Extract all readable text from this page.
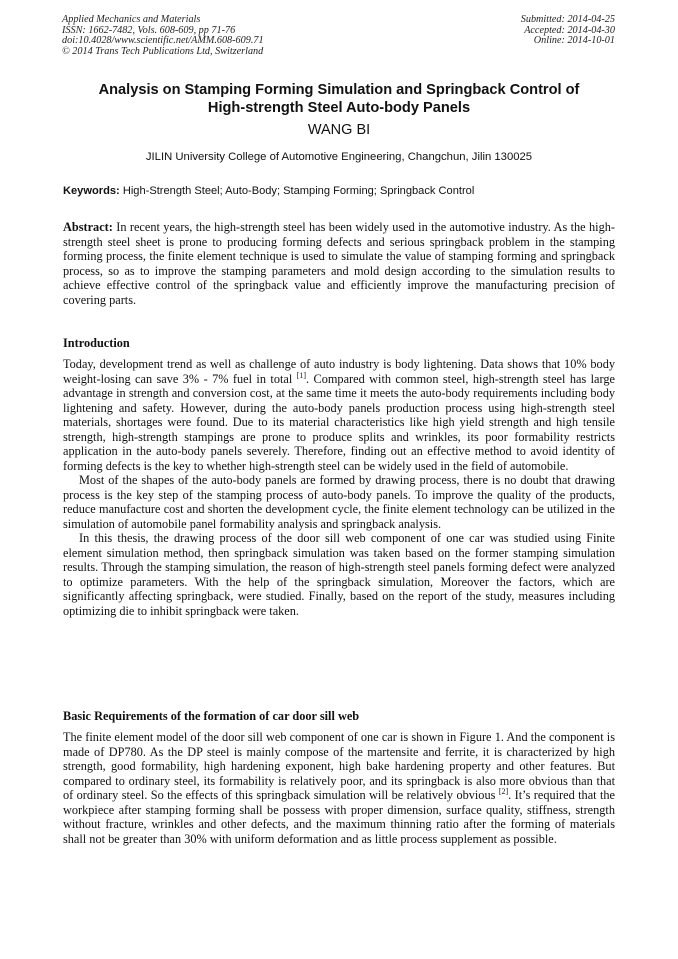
Applied Mechanics and Materials
ISSN: 1662-7482, Vols. 608-609, pp 71-76
doi:10.4028/www.scientific.net/AMM.608-609.71
© 2014 Trans Tech Publications Ltd, Switzerland
Submitted: 2014-04-25
Accepted: 2014-04-30
Online: 2014-10-01
Analysis on Stamping Forming Simulation and Springback Control of
High-strength Steel Auto-body Panels
WANG BI
JILIN University College of Automotive Engineering, Changchun, Jilin 130025
Keywords: High-Strength Steel; Auto-Body; Stamping Forming; Springback Control

Abstract: In recent years, the high-strength steel has been widely used in the automotive industry. As the high-strength steel sheet is prone to producing forming defects and serious springback problem in the stamping forming process, the finite element technique is used to simulate the value of stamping forming and springback process, so as to improve the stamping parameters and mold design according to the simulation results to achieve effective control of the springback value and efficiently improve the manufacturing precision of covering parts.

Introduction

Today, development trend as well as challenge of auto industry is body lightening. Data shows that 10% body weight-losing can save 3% - 7% fuel in total [1]. Compared with common steel, high-strength steel has large advantage in strength and conversion cost, at the same time it meets the auto-body requirements including body lightening and safety. However, during the auto-body panels production process using high-strength steel materials, shortages were found. Due to its material characteristics like high yield strength and high tensile strength, high-strength stampings are prone to produce splits and wrinkles, its poor formability restricts application in the auto-body panels severely. Therefore, finding out an effective method to avoid identity of forming defects is the key to whether high-strength steel can be widely used in the field of automobile.

Most of the shapes of the auto-body panels are formed by drawing process, there is no doubt that drawing process is the key step of the stamping process of auto-body panels. To improve the quality of the products, reduce manufacture cost and shorten the development cycle, the finite element technology can be utilized in the simulation of automobile panel formability analysis and springback analysis.

In this thesis, the drawing process of the door sill web component of one car was studied using Finite element simulation method, then springback simulation was taken based on the former stamping simulation results. Through the stamping simulation, the reason of high-strength steel panels forming defect were analyzed to optimize parameters. With the help of the springback simulation, Moreover the factors, which are significantly affecting springback, were studied. Finally, based on the report of the study, measures including optimizing die to inhibit springback were taken.

Basic Requirements of the formation of car door sill web

The finite element model of the door sill web component of one car is shown in Figure 1. And the component is made of DP780. As the DP steel is mainly compose of the martensite and ferrite, it is characterized by high strength, good formability, high hardening exponent, high bake hardening property and other features. But compared to ordinary steel, its formability is relatively poor, and its springback is also more obvious than that of ordinary steel. So the effects of this springback simulation will be relatively obvious [2]. It’s required that the workpiece after stamping forming shall be possess with proper dimension, surface quality, stiffness, strength without fracture, wrinkles and other defects, and the maximum thinning ratio after the forming of materials shall not be greater than 30% with uniform deformation and as little process supplement as possible.
